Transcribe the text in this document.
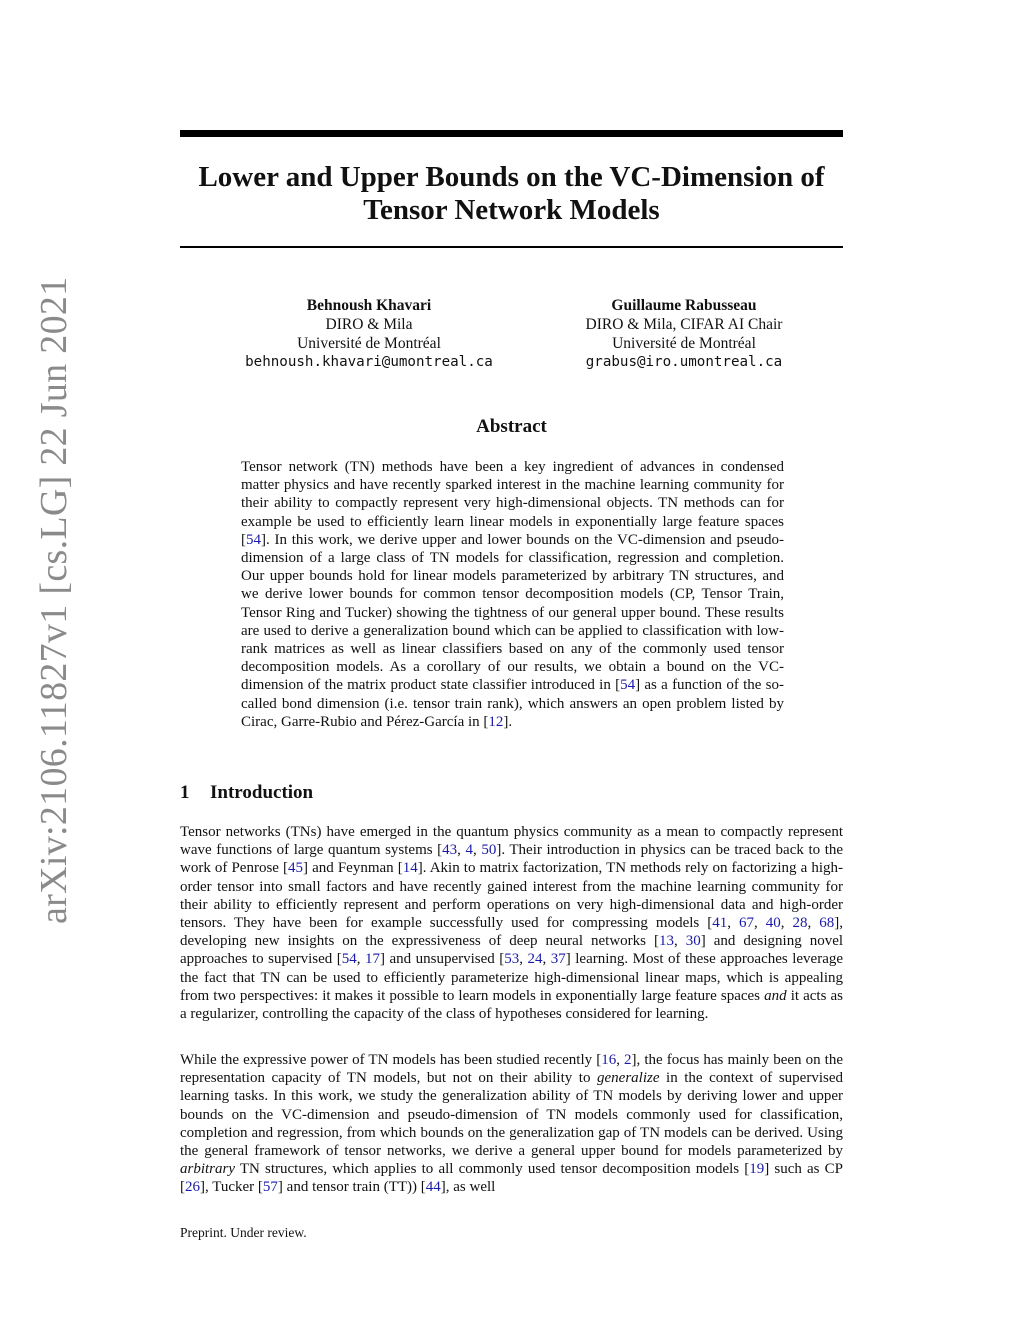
arXiv:2106.11827v1 [cs.LG] 22 Jun 2021
Lower and Upper Bounds on the VC-Dimension of
Tensor Network Models
Behnoush Khavari
DIRO & Mila
Université de Montréal
behnoush.khavari@umontreal.ca
Guillaume Rabusseau
DIRO & Mila, CIFAR AI Chair
Université de Montréal
grabus@iro.umontreal.ca
Abstract
Tensor network (TN) methods have been a key ingredient of advances in condensed matter physics and have recently sparked interest in the machine learning community for their ability to compactly represent very high-dimensional objects. TN methods can for example be used to efficiently learn linear models in exponentially large feature spaces [54]. In this work, we derive upper and lower bounds on the VC-dimension and pseudo-dimension of a large class of TN models for classification, regression and completion. Our upper bounds hold for linear models parameterized by arbitrary TN structures, and we derive lower bounds for common tensor decomposition models (CP, Tensor Train, Tensor Ring and Tucker) showing the tightness of our general upper bound. These results are used to derive a generalization bound which can be applied to classification with low-rank matrices as well as linear classifiers based on any of the commonly used tensor decomposition models. As a corollary of our results, we obtain a bound on the VC-dimension of the matrix product state classifier introduced in [54] as a function of the so-called bond dimension (i.e. tensor train rank), which answers an open problem listed by Cirac, Garre-Rubio and Pérez-García in [12].
1 Introduction
Tensor networks (TNs) have emerged in the quantum physics community as a mean to compactly represent wave functions of large quantum systems [43, 4, 50]. Their introduction in physics can be traced back to the work of Penrose [45] and Feynman [14]. Akin to matrix factorization, TN methods rely on factorizing a high-order tensor into small factors and have recently gained interest from the machine learning community for their ability to efficiently represent and perform operations on very high-dimensional data and high-order tensors. They have been for example successfully used for compressing models [41, 67, 40, 28, 68], developing new insights on the expressiveness of deep neural networks [13, 30] and designing novel approaches to supervised [54, 17] and unsupervised [53, 24, 37] learning. Most of these approaches leverage the fact that TN can be used to efficiently parameterize high-dimensional linear maps, which is appealing from two perspectives: it makes it possible to learn models in exponentially large feature spaces and it acts as a regularizer, controlling the capacity of the class of hypotheses considered for learning.
While the expressive power of TN models has been studied recently [16, 2], the focus has mainly been on the representation capacity of TN models, but not on their ability to generalize in the context of supervised learning tasks. In this work, we study the generalization ability of TN models by deriving lower and upper bounds on the VC-dimension and pseudo-dimension of TN models commonly used for classification, completion and regression, from which bounds on the generalization gap of TN models can be derived. Using the general framework of tensor networks, we derive a general upper bound for models parameterized by arbitrary TN structures, which applies to all commonly used tensor decomposition models [19] such as CP [26], Tucker [57] and tensor train (TT)) [44], as well
Preprint. Under review.
